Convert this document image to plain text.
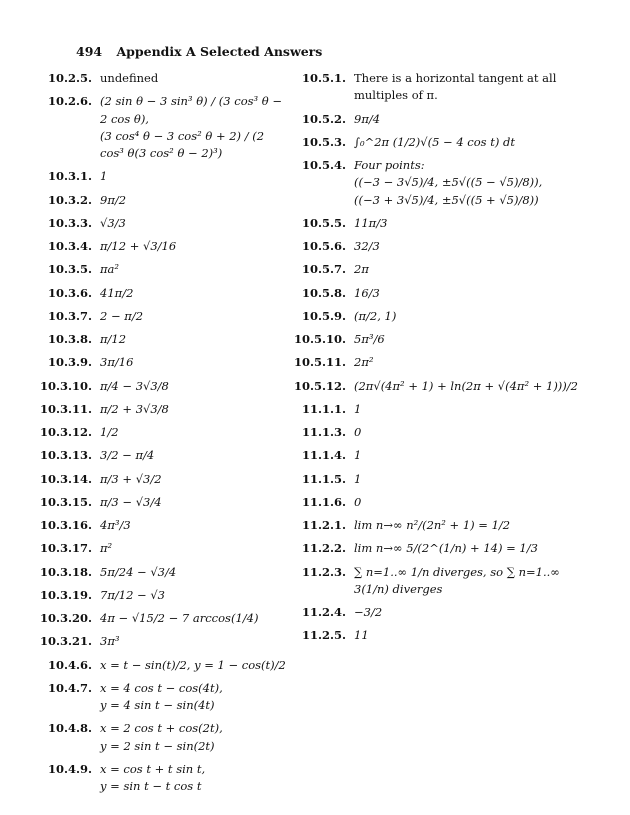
494 Appendix A Selected Answers
10.2.5. undefined
10.2.6. (2 sin θ − 3 sin³ θ) / (3 cos³ θ − 2 cos θ),
(3 cos⁴ θ − 3 cos² θ + 2) / (2 cos³ θ(3 cos² θ − 2)³)
10.3.1. 1
10.3.2. 9π/2
10.3.3. √3/3
10.3.4. π/12 + √3/16
10.3.5. πa²
10.3.6. 41π/2
10.3.7. 2 − π/2
10.3.8. π/12
10.3.9. 3π/16
10.3.10. π/4 − 3√3/8
10.3.11. π/2 + 3√3/8
10.3.12. 1/2
10.3.13. 3/2 − π/4
10.3.14. π/3 + √3/2
10.3.15. π/3 − √3/4
10.3.16. 4π³/3
10.3.17. π²
10.3.18. 5π/24 − √3/4
10.3.19. 7π/12 − √3
10.3.20. 4π − √15/2 − 7 arccos(1/4)
10.3.21. 3π³
10.4.6. x = t − sin(t)/2, y = 1 − cos(t)/2
10.4.7. x = 4 cos t − cos(4t),
y = 4 sin t − sin(4t)
10.4.8. x = 2 cos t + cos(2t),
y = 2 sin t − sin(2t)
10.4.9. x = cos t + t sin t,
y = sin t − t cos t
10.5.1. There is a horizontal tangent at all multiples of π.
10.5.2. 9π/4
10.5.3. ∫₀^2π (1/2)√(5 − 4 cos t) dt
10.5.4. Four points:
((−3 − 3√5)/4, ±5√((5 − √5)/8)),
((−3 + 3√5)/4, ±5√((5 + √5)/8))
10.5.5. 11π/3
10.5.6. 32/3
10.5.7. 2π
10.5.8. 16/3
10.5.9. (π/2, 1)
10.5.10. 5π³/6
10.5.11. 2π²
10.5.12. (2π√(4π² + 1) + ln(2π + √(4π² + 1)))/2
11.1.1. 1
11.1.3. 0
11.1.4. 1
11.1.5. 1
11.1.6. 0
11.2.1. lim n→∞ n²/(2n² + 1) = 1/2
11.2.2. lim n→∞ 5/(2^(1/n) + 14) = 1/3
11.2.3. ∑ n=1..∞ 1/n diverges, so ∑ n=1..∞ 3(1/n) diverges
11.2.4. −3/2
11.2.5. 11
